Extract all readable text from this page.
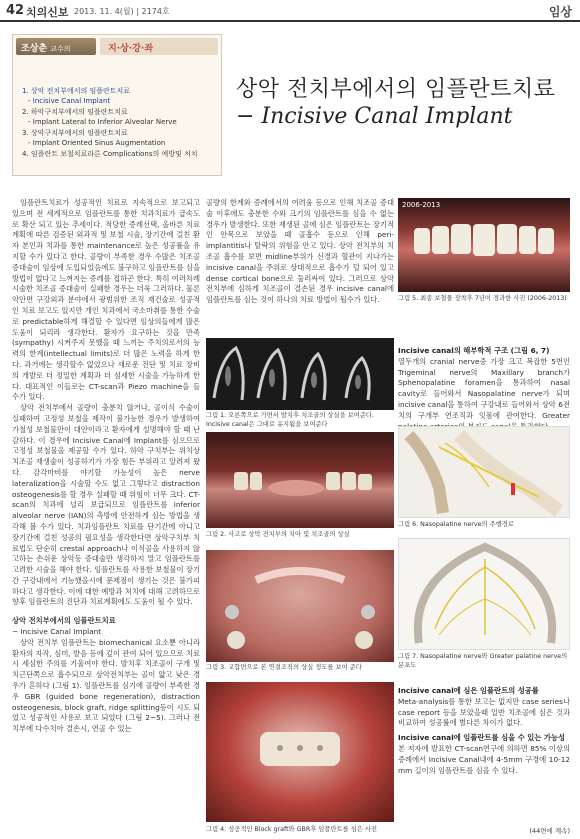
42 치의신보 2013. 11. 4(월) | 2174호	임상
조상춘 교수의	지·상·강·좌
1. 상악 전치부에서의 임플란트치료
- Incisive Canal Implant
2. 하악구치부에서의 임플란트치료
- Implant Lateral to Inferior Alveolar Nerve
3. 상악구치부에서의 임플란트치료
- Implant Oriented Sinus Augmentation
4. 임플란트 보철치료라른 Complications의 예방및 처치
상악 전치부에서의 임플란트치료
− Incisive Canal Implant

임플란트치료가 성공적인 치료로 지속적으로 보고되고 있으며 전 세계적으로 임플란트를 통한 치과치료가 급속도로 확산 되고 있는 추세이다. 적당한 증례선택, 올바른 치료계획에 따른 검증된 외과적 및 보철 시술, 장기간에 걸친 환자 본인과 치과를 통한 maintenance로 높은 성공률을 유지할 수가 있다고 한다. 골량이 부족한 경우 수많은 치조골 증대술이 임상에 도입되었음에도 불구하고 임플란트를 심을 방법이 없다고 느껴지는 증례를 접하곤 한다. 특히 여러차례 시술한 치조골 증대술이 실패한 경우는 더욱 그러하다. 물론 악안면 구강외과 분야에서 광범위한 조직 재건술로 성공적인 치료 보고도 있지만 개인 치과에서 국소마취를 통한 수술로 predictable하게 해결할 수 있다면 임상의들에게 많은 도움이 되리라 생각한다. 환자가 요구하는 것을 만족(sympathy) 시켜주지 못했을 때 느끼는 주치의로서의 능력의 한계(intellectual limits)로 더 많은 노력을 하게 한다. 과거에는 생각할수 없었으나 새로운 진단 및 치료 장비의 개발로 더 정밀한 계획과 더 섬세한 시술을 가능하게 한다. 대표적인 이들로는 CT-scan과 Piezo machine을 들 수가 있다.

상악 전치부에서 골량이 충분치 않거나, 골이식 수술이 실패하여 고정성 보철을 제작이 불가능한 경우가 발생하여 가철성 보철물만이 대안이라고 환자에게 설명해야 할 때 난감하다. 이 경우에 Incisive Canal에 Implant를 심으므로 고정성 보철물을 제공할 수가 있다. 하악 구치부는 위치상 치조골 재생술이 성공하기가 가장 힘든 부위라고 알려져 왔다. 감각마비를 야기할 가능성이 높은 nerve lateralization을 시술할 수도 없고 그렇다고 distraction osteogenesis를 할 경우 실패할 때 위험이 너무 크다. CT-scan의 치과에 널리 보급되므로 임플란트를 inferior alveolar nerve (IAN)의 측방에 안전하게 심는 방법을 생각해 볼 수가 있다. 치과임플란트 치료를 단기간에 아니고 장기간에 걸친 성공의 필요성을 생각한다면 상악구치부 치료법도 단순히 crestal approach나 이식골을 사용하지 않고하는 손쉬운 상악동 증대술만 생각하지 말고 임플란트를 고려한 시술을 해야 한다. 임플란트를 사용한 보철물이 장기간 구강내에서 기능했을시에 문제점이 생기는 것은 불가피하다고 생각한다. 이에 대한 예방과 처치에 대해 고려하므로 향후 임플란트의 진단과 치료계획에도 도움이 될 수 있다.

상악 전치부에서의 임플란트치료

− Incisive Canal Implant

상악 전치부 임플란트는 biomechanical 요소뿐 아니라 환자의 자작, 심미, 발음 등에 깊이 관여 되어 있으므로 치료시 세심한 주의를 기울여야 한다. 발치후 치조골이 구개 및 치근단쪽으로 흡수되므로 상악전치부는 골이 얇고 낮은 경우가 흔하다 (그림 1). 임플란트를 심기에 골량이 부족한 경우 GBR (guided bone regeneration), distraction osteogenesis, block graft, ridge splitting등이 시도 되었고 성공적인 사용로 보고 되었다 (그림 2~5). 그러나 전치부에 다수치아 결손시, 연골 수 있는

골량의 한계와 증례에서의 여려움 등으로 인해 치조골 증대술 이후에도 충분한 수와 크기의 임플란트를 심을 수 없는 경우가 발생한다. 또한 재생된 골에 심은 임플란트는 장기적인 안목으로 보았을 때 골흡수 등으로 인해 peri-implantitis나 탈락의 위험을 안고 있다. 상악 전치부의 치조골 흡수를 보면 midline부위가 신경과 혈관이 지나가는 incisive canal을 주위로 상대적으로 흡수가 덜 되어 있고 dense cortical bone으로 둘러싸여 있다. 그러므로 상악 전치부에 심하게 치조골이 결손된 경우 incisive canal에 임플란트를 심는 것이 하나의 치료 방법이 될수가 있다.

그림 1. 오른쪽으로 가면서 발치후 치조골의 상실을 보여준다. Incisive canal은 그대로 유지됨을 보여준다
그림 2. 사고로 상악 전치부의 치아 및 치조골의 상실
그림 3. 교합면으로 본 연결조직의 상실 정도를 보여 준다
그림 4. 성공적인 Block graft와 GBR후 임플란트를 심은 사진
2006-2013
그림 5. 최종 보철물 장착후 7년이 경과한 사진 (2006-2013)

Incisive canal의 해부학적 구조 (그림 6, 7)

열두개의 cranial nerve중 가장 크고 복잡한 5번인 Trigeminal nerve의 Maxillary branch가 Sphenopalatine foramen을 통과하여 nasal cavity로 들어와서 Nasopalatine nerve가 되며 incisive canal을 통하여 구강내로 들어와서 상악 6전치의 구개부 연조직과 잇몸에 관여한다. Greater

그림 6. Nasopalatine nerve의 주행경로
그림 7. Nasopalatine nerve와 Greater palatine nerve의 분포도

Incisive canal에 심은 임플란트의 성공률

Meta-analysis를 통한 보고는 없지만 case series나 case report 등을 보았을때 일반 치조골에 심은 것과 비교하여 성공률에 별다른 차이가 없다.

Incisive canal에 임플란트를 심을 수 있는 가능성

본 저자에 발표한 CT-scan연구에 의하면 85% 이상의 증례에서 Incisive Canal내에 4-5mm 구경에 10-12 mm 길이의 임플란트를 심을 수 있다.

(44면에 계속)
